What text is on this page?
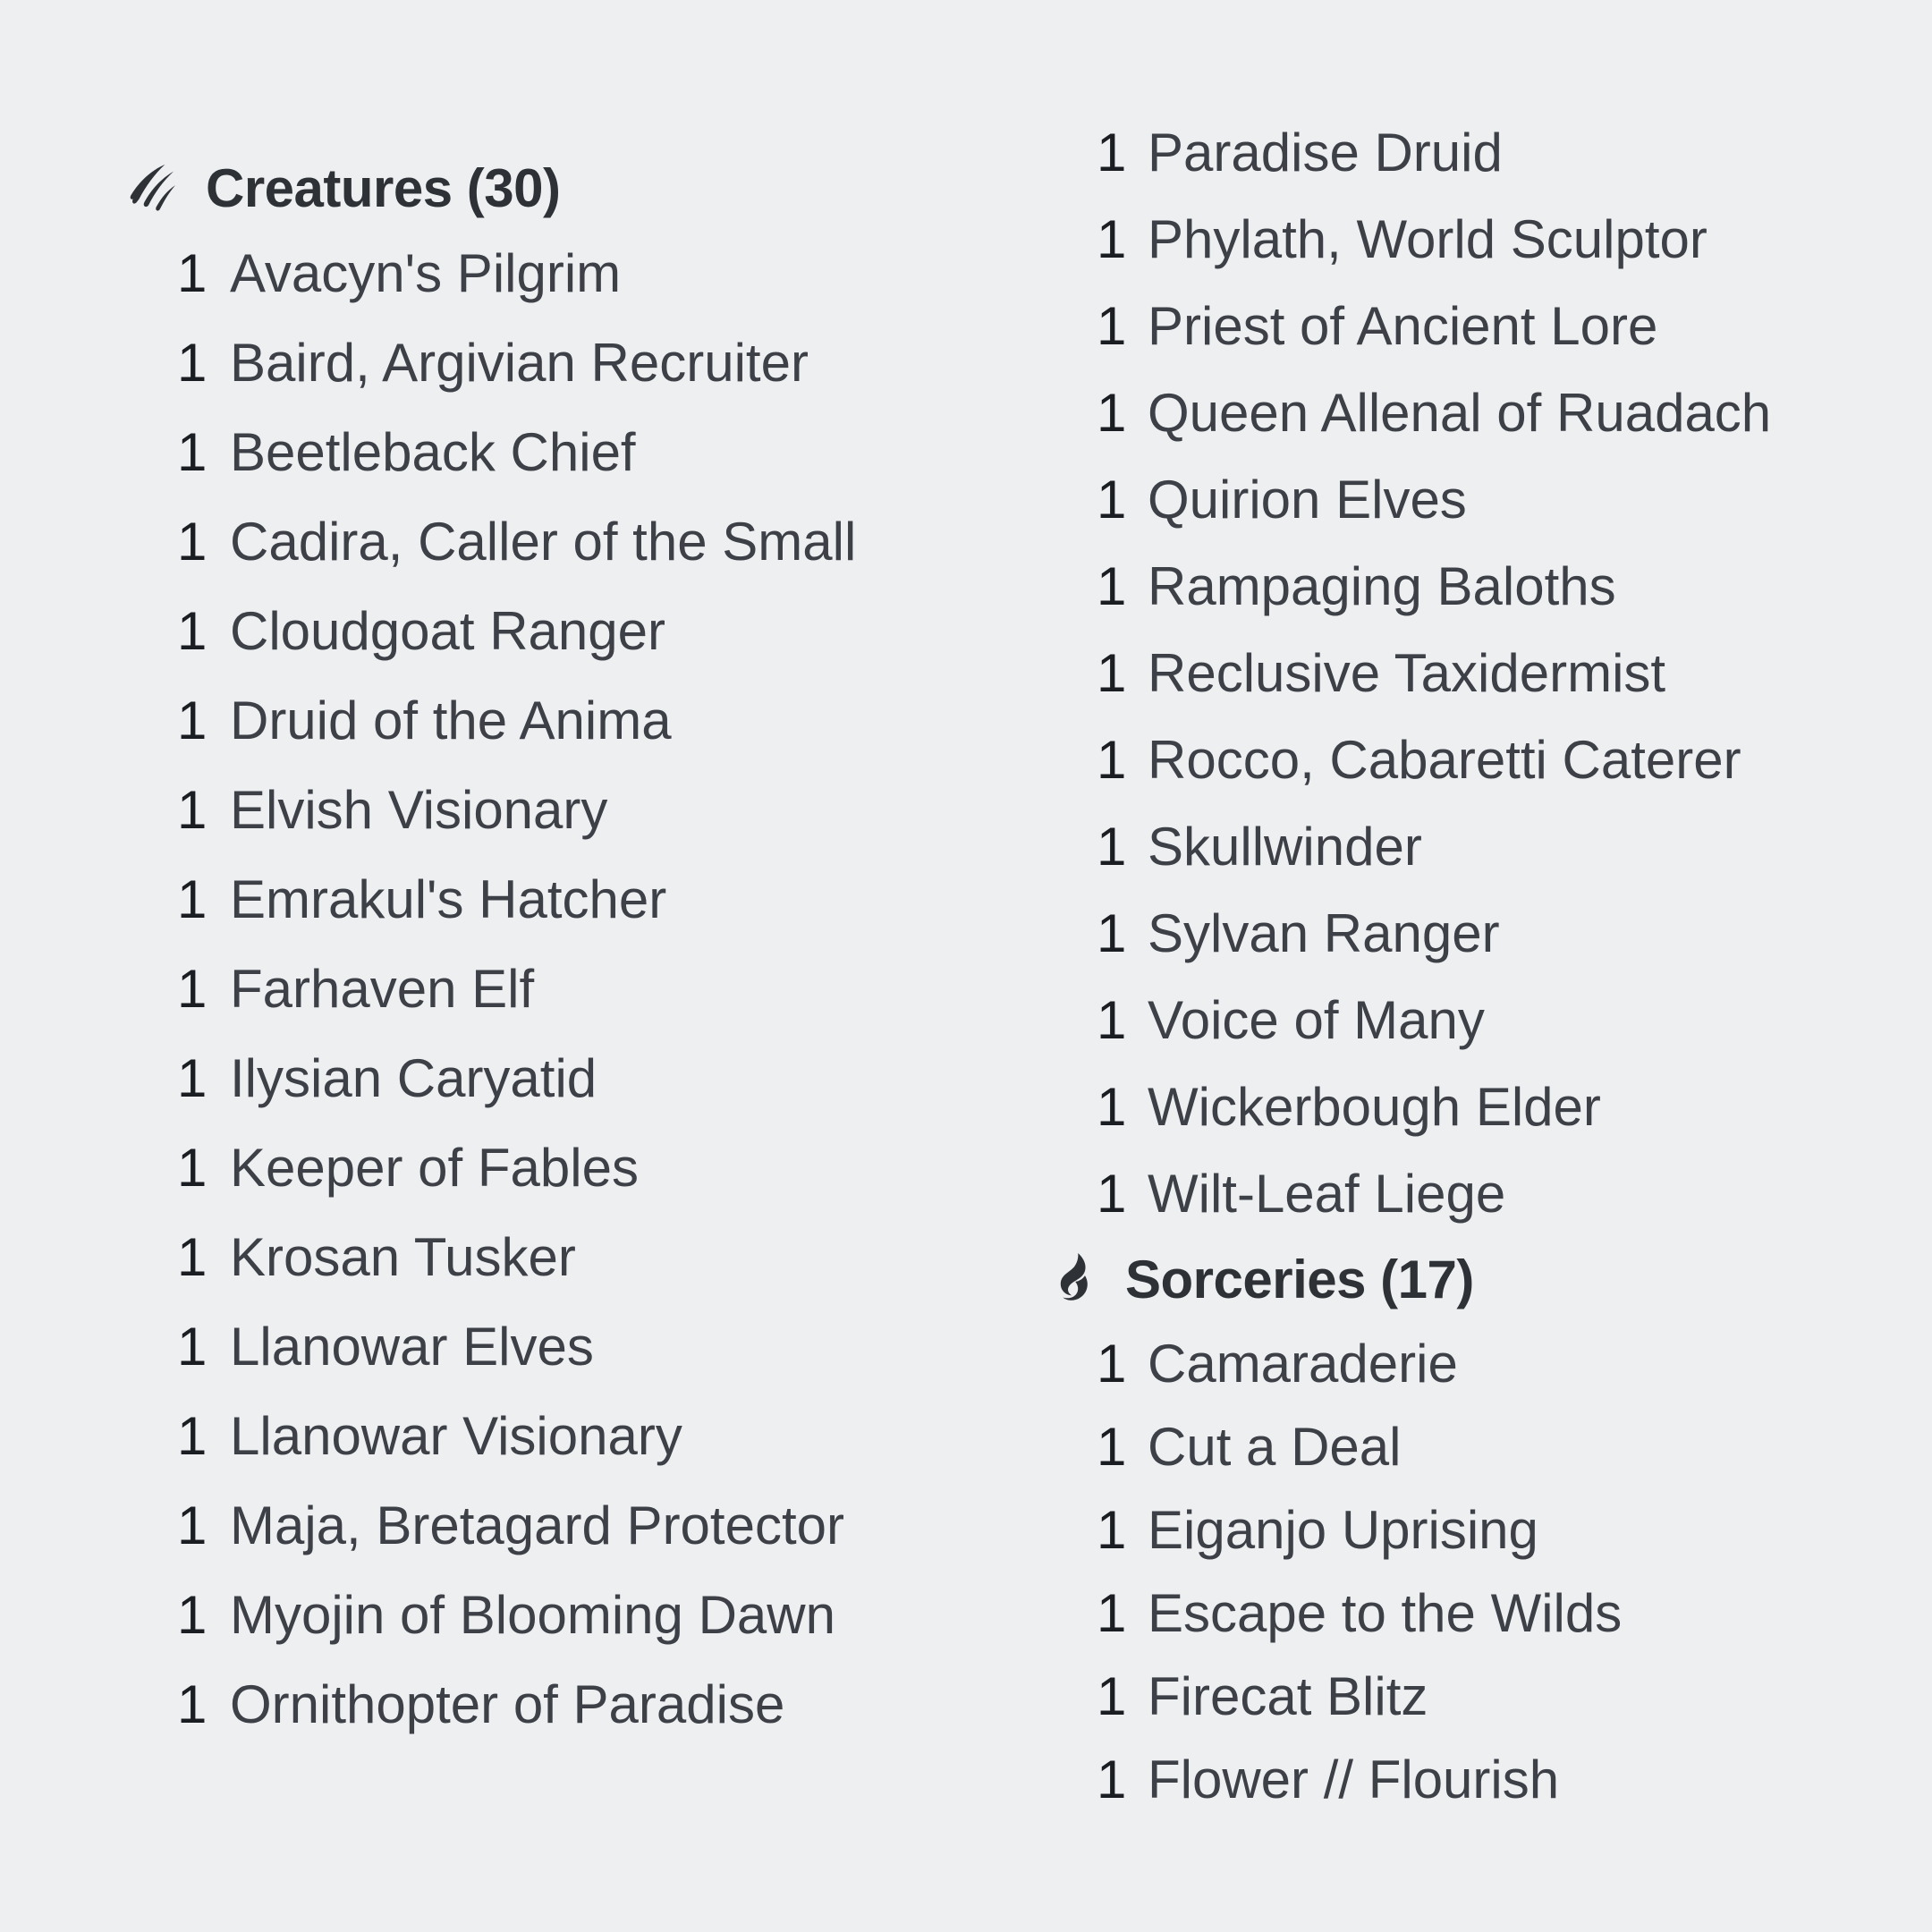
Creatures (30)
1 Avacyn's Pilgrim
1 Baird, Argivian Recruiter
1 Beetleback Chief
1 Cadira, Caller of the Small
1 Cloudgoat Ranger
1 Druid of the Anima
1 Elvish Visionary
1 Emrakul's Hatcher
1 Farhaven Elf
1 Ilysian Caryatid
1 Keeper of Fables
1 Krosan Tusker
1 Llanowar Elves
1 Llanowar Visionary
1 Maja, Bretagard Protector
1 Myojin of Blooming Dawn
1 Ornithopter of Paradise
1 Paradise Druid
1 Phylath, World Sculptor
1 Priest of Ancient Lore
1 Queen Allenal of Ruadach
1 Quirion Elves
1 Rampaging Baloths
1 Reclusive Taxidermist
1 Rocco, Cabaretti Caterer
1 Skullwinder
1 Sylvan Ranger
1 Voice of Many
1 Wickerbough Elder
1 Wilt-Leaf Liege
Sorceries (17)
1 Camaraderie
1 Cut a Deal
1 Eiganjo Uprising
1 Escape to the Wilds
1 Firecat Blitz
1 Flower // Flourish
